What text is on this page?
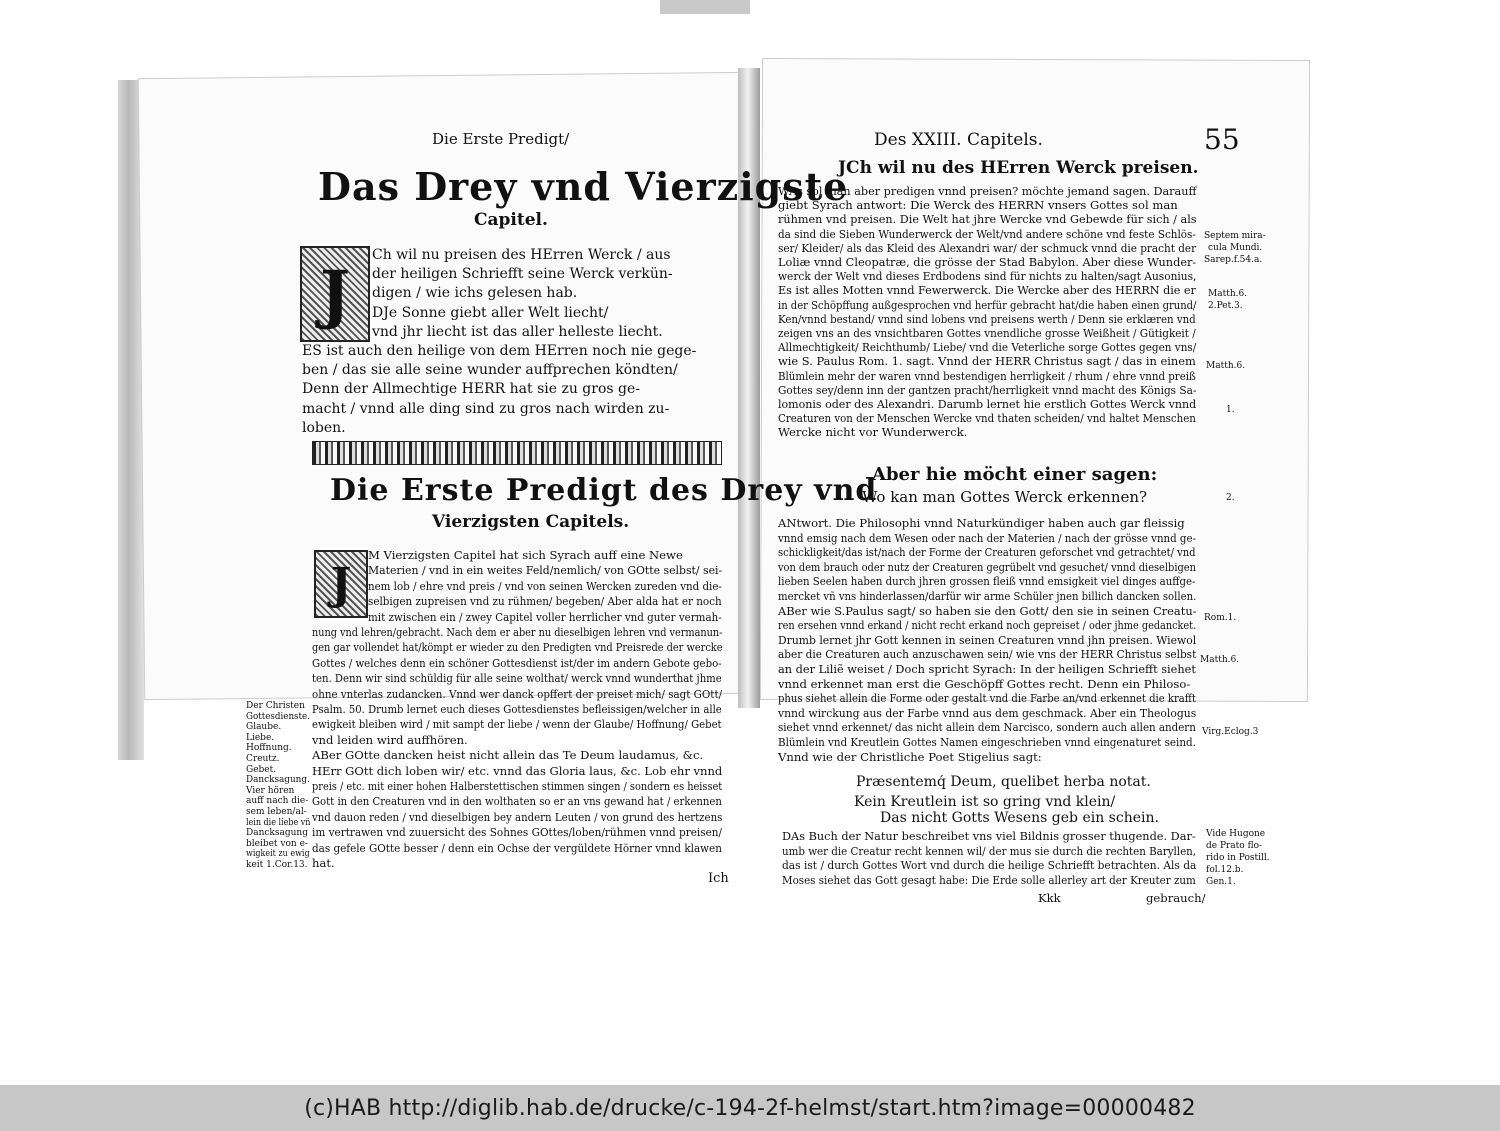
Die Erste Predigt/
Das Drey vnd Vierzigste
Capitel.
J
Ch wil nu preisen des HErren Werck / aus
der heiligen Schriefft seine Werck verkün-
digen / wie ichs gelesen hab.
DJe Sonne giebt aller Welt liecht/
vnd jhr liecht ist das aller helleste liecht.
ES ist auch den heilige von dem HErren noch nie gege-
ben / das sie alle seine wunder auffprechen köndten/
Denn der Allmechtige HERR hat sie zu gros ge-
macht / vnnd alle ding sind zu gros nach wirden zu-
loben.
Die Erste Predigt des Drey vnd
Vierzigsten Capitels.
J
M Vierzigsten Capitel hat sich Syrach auff eine Newe
Materien / vnd in ein weites Feld/nemlich/ von GOtte selbst/ sei-
nem lob / ehre vnd preis / vnd von seinen Wercken zureden vnd die-
selbigen zupreisen vnd zu rühmen/ begeben/ Aber alda hat er noch
mit zwischen ein / zwey Capitel voller herrlicher vnd guter vermah-
nung vnd lehren/gebracht. Nach dem er aber nu dieselbigen lehren vnd vermanun-
gen gar vollendet hat/kömpt er wieder zu den Predigten vnd Preisrede der wercke
Gottes / welches denn ein schöner Gottesdienst ist/der im andern Gebote gebo-
ten. Denn wir sind schüldig für alle seine wolthat/ werck vnnd wunderthat jhme
ohne vnterlas zudancken. Vnnd wer danck opffert der preiset mich/ sagt GOtt/
Psalm. 50. Drumb lernet euch dieses Gottesdienstes befleissigen/welcher in alle
ewigkeit bleiben wird / mit sampt der liebe / wenn der Glaube/ Hoffnung/ Gebet
vnd leiden wird auffhören.
ABer GOtte dancken heist nicht allein das Te Deum laudamus, &c.
HErr GOtt dich loben wir/ etc. vnnd das Gloria laus, &c. Lob ehr vnnd
preis / etc. mit einer hohen Halberstettischen stimmen singen / sondern es heisset
Gott in den Creaturen vnd in den wolthaten so er an vns gewand hat / erkennen
vnd dauon reden / vnd dieselbigen bey andern Leuten / von grund des hertzens
im vertrawen vnd zuuersicht des Sohnes GOttes/loben/rühmen vnnd preisen/
das gefele GOtte besser / denn ein Ochse der vergüldete Hörner vnnd klawen
hat.
Der Christen
Gottesdienste.
Glaube.
Liebe.
Hoffnung.
Creutz.
Gebet.
Dancksagung.
Vier hören
auff nach die-
sem leben/al-
lein die liebe vñ
Dancksagung
bleibet von e-
wigkeit zu ewig
keit 1.Cor.13.
Ich
Des XXIII. Capitels.	55
JCh wil nu des HErren Werck preisen.
WAs sol man aber predigen vnnd preisen? möchte jemand sagen. Darauff
giebt Syrach antwort: Die Werck des HERRN vnsers Gottes sol man
rühmen vnd preisen. Die Welt hat jhre Wercke vnd Gebewde für sich / als
da sind die Sieben Wunderwerck der Welt/vnd andere schöne vnd feste Schlös-
ser/ Kleider/ als das Kleid des Alexandri war/ der schmuck vnnd die pracht der
Loliæ vnnd Cleopatræ, die grösse der Stad Babylon. Aber diese Wunder-
werck der Welt vnd dieses Erdbodens sind für nichts zu halten/sagt Ausonius,
Es ist alles Motten vnnd Fewerwerck. Die Wercke aber des HERRN die er
in der Schöpffung außgesprochen vnd herfür gebracht hat/die haben einen grund/
Ken/vnnd bestand/ vnnd sind lobens vnd preisens werth / Denn sie erklæren vnd
zeigen vns an des vnsichtbaren Gottes vnendliche grosse Weißheit / Gütigkeit /
Allmechtigkeit/ Reichthumb/ Liebe/ vnd die Veterliche sorge Gottes gegen vns/
wie S. Paulus Rom. 1. sagt. Vnnd der HERR Christus sagt / das in einem
Blümlein mehr der waren vnnd bestendigen herrligkeit / rhum / ehre vnnd preiß
Gottes sey/denn inn der gantzen pracht/herrligkeit vnnd macht des Königs Sa-
lomonis oder des Alexandri. Darumb lernet hie erstlich Gottes Werck vnnd
Creaturen von der Menschen Wercke vnd thaten scheiden/ vnd haltet Menschen
Wercke nicht vor Wunderwerck.
Aber hie möcht einer sagen:
Wo kan man Gottes Werck erkennen?
ANtwort. Die Philosophi vnnd Naturkündiger haben auch gar fleissig
vnnd emsig nach dem Wesen oder nach der Materien / nach der grösse vnnd ge-
schickligkeit/das ist/nach der Forme der Creaturen geforschet vnd getrachtet/ vnd
von dem brauch oder nutz der Creaturen gegrübelt vnd gesuchet/ vnnd dieselbigen
lieben Seelen haben durch jhren grossen fleiß vnnd emsigkeit viel dinges auffge-
mercket vñ vns hinderlassen/darfür wir arme Schüler jnen billich dancken sollen.
ABer wie S.Paulus sagt/ so haben sie den Gott/ den sie in seinen Creatu-
ren ersehen vnnd erkand / nicht recht erkand noch gepreiset / oder jhme gedancket.
Drumb lernet jhr Gott kennen in seinen Creaturen vnnd jhn preisen. Wiewol
aber die Creaturen auch anzuschawen sein/ wie vns der HERR Christus selbst
an der Liliẽ weiset / Doch spricht Syrach: In der heiligen Schriefft siehet
vnnd erkennet man erst die Geschöpff Gottes recht. Denn ein Philoso-
phus siehet allein die Forme oder gestalt vnd die Farbe an/vnd erkennet die krafft
vnnd wirckung aus der Farbe vnnd aus dem geschmack. Aber ein Theologus
siehet vnnd erkennet/ das nicht allein dem Narcisco, sondern auch allen andern
Blümlein vnd Kreutlein Gottes Namen eingeschrieben vnnd eingenaturet seind.
Vnnd wie der Christliche Poet Stigelius sagt:
Præsentemq́ Deum, quelibet herba notat.
Kein Kreutlein ist so gring vnd klein/
Das nicht Gotts Wesens geb ein schein.
DAs Buch der Natur beschreibet vns viel Bildnis grosser thugende. Dar-
umb wer die Creatur recht kennen wil/ der mus sie durch die rechten Baryllen,
das ist / durch Gottes Wort vnd durch die heilige Schriefft betrachten. Als da
Moses siehet das Gott gesagt habe: Die Erde solle allerley art der Kreuter zum
Kkk	gebrauch/
Septem mira-
cula Mundi.
Sarep.f.54.a.
Matth.6.
2.Pet.3.
Matth.6.
1.
2.
Rom.1.
Matth.6.
Virg.Eclog.3
Vide Hugone
de Prato flo-
rido in Postill.
fol.12.b.
Gen.1.
(c)HAB http://diglib.hab.de/drucke/c-194-2f-helmst/start.htm?image=00000482
